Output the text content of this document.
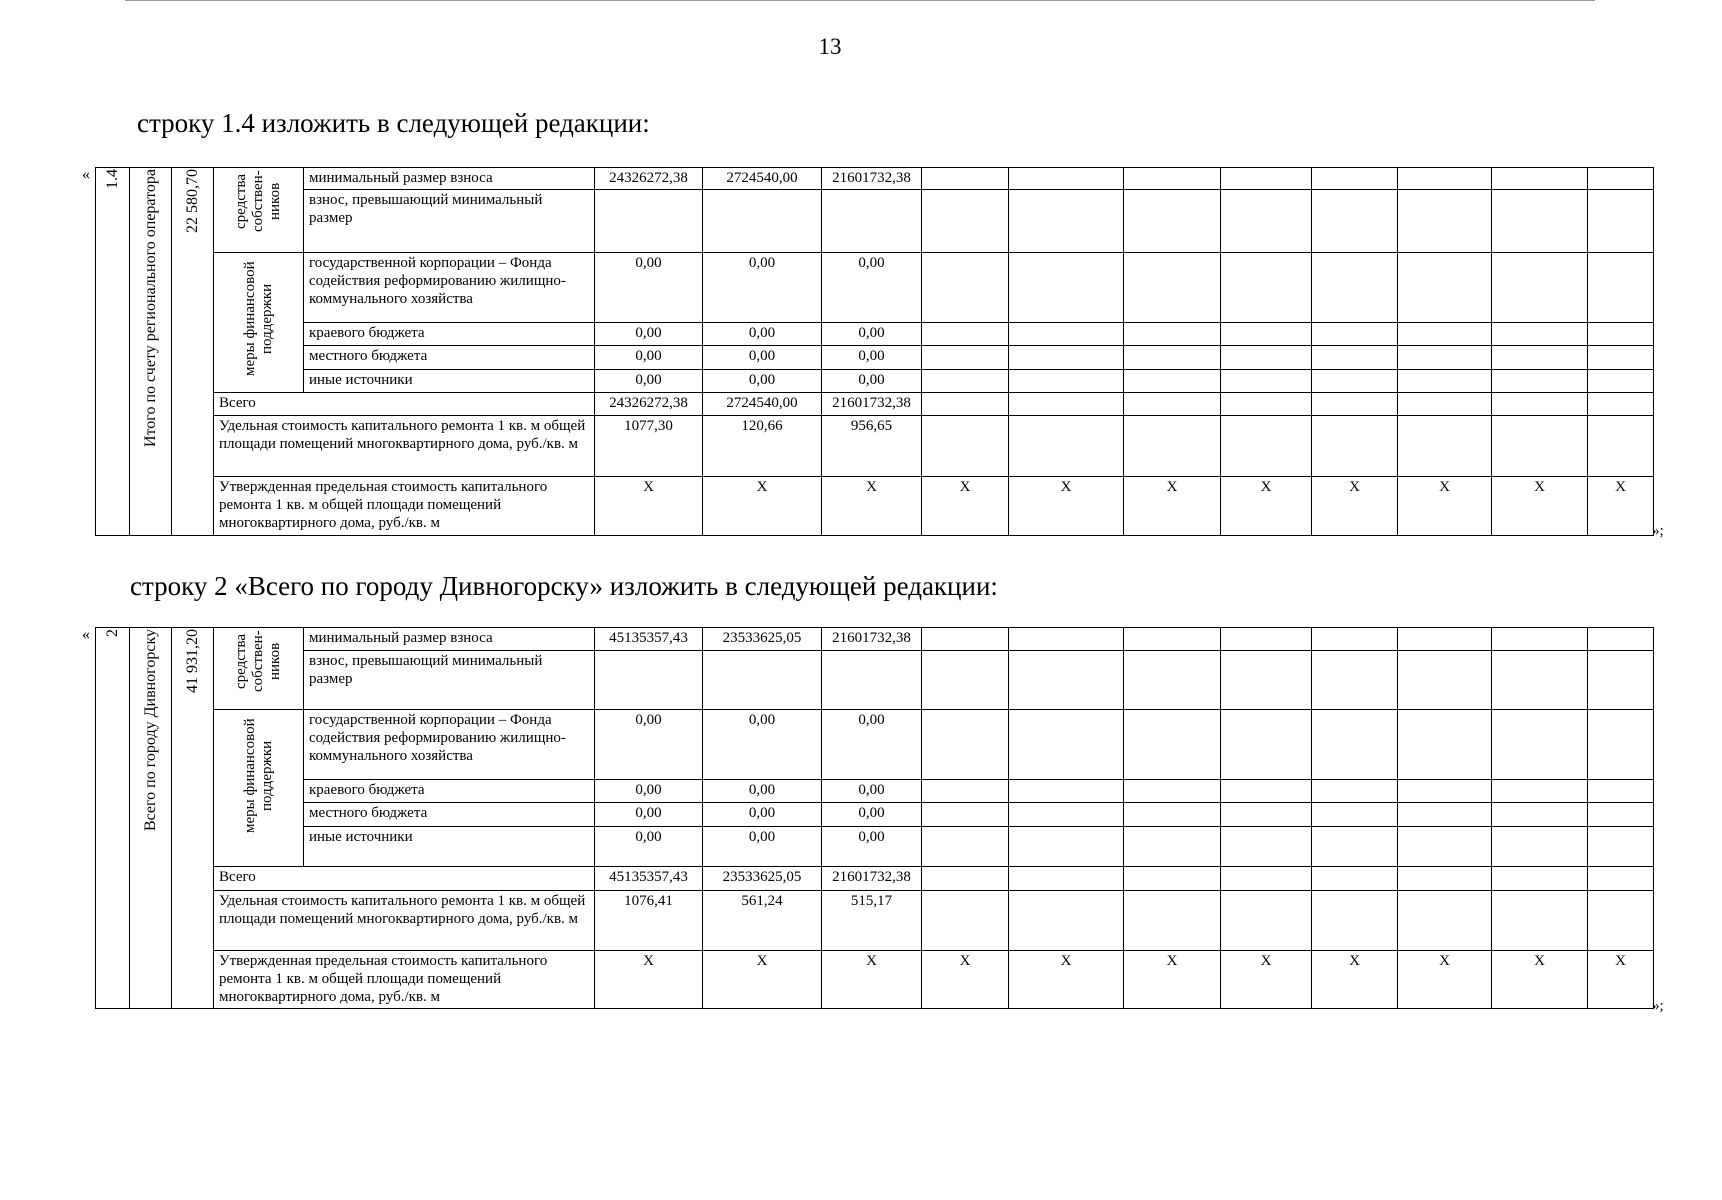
13
строку 1.4 изложить в следующей редакции:
« 1.4	Итого по счету регионального оператора	22 580,70	средства собствен-ников	минимальный размер взноса	24326272,38	2724540,00	21601732,38								
				взнос, превышающий минимальный размер											

			меры финансовой поддержки	государственной корпорации – Фонда содействия реформированию жилищно-коммунального хозяйства	0,00	0,00	0,00								
				краевого бюджета	0,00	0,00	0,00								
				местного бюджета	0,00	0,00	0,00								
				иные источники	0,00	0,00	0,00								
			Всего		24326272,38	2724540,00	21601732,38								
			Удельная стоимость капитального ремонта 1 кв. м общей площади помещений многоквартирного дома, руб./кв. м		1077,30	120,66	956,65								
			Утвержденная предельная стоимость капитального ремонта 1 кв. м общей площади помещений многоквартирного дома, руб./кв. м		X	X	X	X	X	X	X	X	X	X	X
»;
строку 2 «Всего по городу Дивногорску» изложить в следующей редакции:
« 2	Всего по городу Дивногорску	41 931,20	средства собствен-ников	минимальный размер взноса	45135357,43	23533625,05	21601732,38								
				взнос, превышающий минимальный размер											

			меры финансовой поддержки	государственной корпорации – Фонда содействия реформированию жилищно-коммунального хозяйства	0,00	0,00	0,00								
				краевого бюджета	0,00	0,00	0,00								
				местного бюджета	0,00	0,00	0,00								
				иные источники	0,00	0,00	0,00								
			Всего		45135357,43	23533625,05	21601732,38								
			Удельная стоимость капитального ремонта 1 кв. м общей площади помещений многоквартирного дома, руб./кв. м		1076,41	561,24	515,17								
			Утвержденная предельная стоимость капитального ремонта 1 кв. м общей площади помещений многоквартирного дома, руб./кв. м		X	X	X	X	X	X	X	X	X	X	X
»;
